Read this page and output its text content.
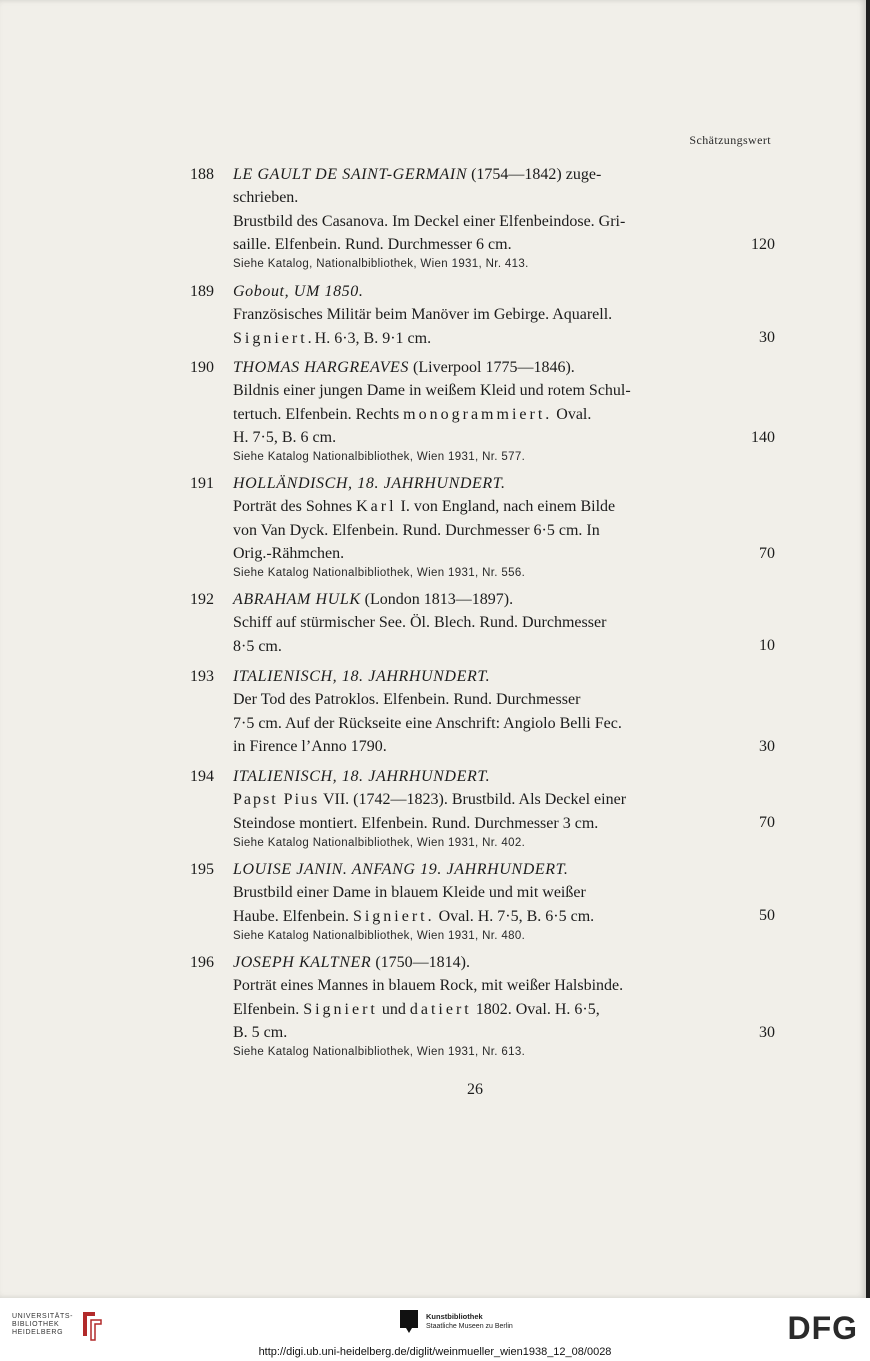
Schätzungswert
188 LE GAULT DE SAINT-GERMAIN (1754—1842) zuge-
schrieben.
Brustbild des Casanova. Im Deckel einer Elfenbeindose. Gri-
saille. Elfenbein. Rund. Durchmesser 6 cm.
Siehe Katalog, Nationalbibliothek, Wien 1931, Nr. 413.
120
189 Gobout, UM 1850.
Französisches Militär beim Manöver im Gebirge. Aquarell.
Signiert. H. 6·3, B. 9·1 cm.	30
190 THOMAS HARGREAVES (Liverpool 1775—1846).
Bildnis einer jungen Dame in weißem Kleid und rotem Schul-
tertuch. Elfenbein. Rechts monogrammiert. Oval.
H. 7·5, B. 6 cm.
Siehe Katalog Nationalbibliothek, Wien 1931, Nr. 577.
140
191 HOLLÄNDISCH, 18. JAHRHUNDERT.
Porträt des Sohnes Karl I. von England, nach einem Bilde
von Van Dyck. Elfenbein. Rund. Durchmesser 6·5 cm. In
Orig.-Rähmchen.
Siehe Katalog Nationalbibliothek, Wien 1931, Nr. 556.
70
192 ABRAHAM HULK (London 1813—1897).
Schiff auf stürmischer See. Öl. Blech. Rund. Durchmesser
8·5 cm.	10
193 ITALIENISCH, 18. JAHRHUNDERT.
Der Tod des Patroklos. Elfenbein. Rund. Durchmesser
7·5 cm. Auf der Rückseite eine Anschrift: Angiolo Belli Fec.
in Firence l’Anno 1790.	30
194 ITALIENISCH, 18. JAHRHUNDERT.
Papst Pius VII. (1742—1823). Brustbild. Als Deckel einer
Steindose montiert. Elfenbein. Rund. Durchmesser 3 cm.
Siehe Katalog Nationalbibliothek, Wien 1931, Nr. 402.
70
195 LOUISE JANIN. ANFANG 19. JAHRHUNDERT.
Brustbild einer Dame in blauem Kleide und mit weißer
Haube. Elfenbein. Signiert. Oval. H. 7·5, B. 6·5 cm.
Siehe Katalog Nationalbibliothek, Wien 1931, Nr. 480.
50
196 JOSEPH KALTNER (1750—1814).
Porträt eines Mannes in blauem Rock, mit weißer Halsbinde.
Elfenbein. Signiert und datiert 1802. Oval. H. 6·5,
B. 5 cm.
Siehe Katalog Nationalbibliothek, Wien 1931, Nr. 613.
30
26
UNIVERSITÄTS-
BIBLIOTHEK
HEIDELBERG
Kunstbibliothek
Staatliche Museen zu Berlin	DFG
http://digi.ub.uni-heidelberg.de/diglit/weinmueller_wien1938_12_08/0028
